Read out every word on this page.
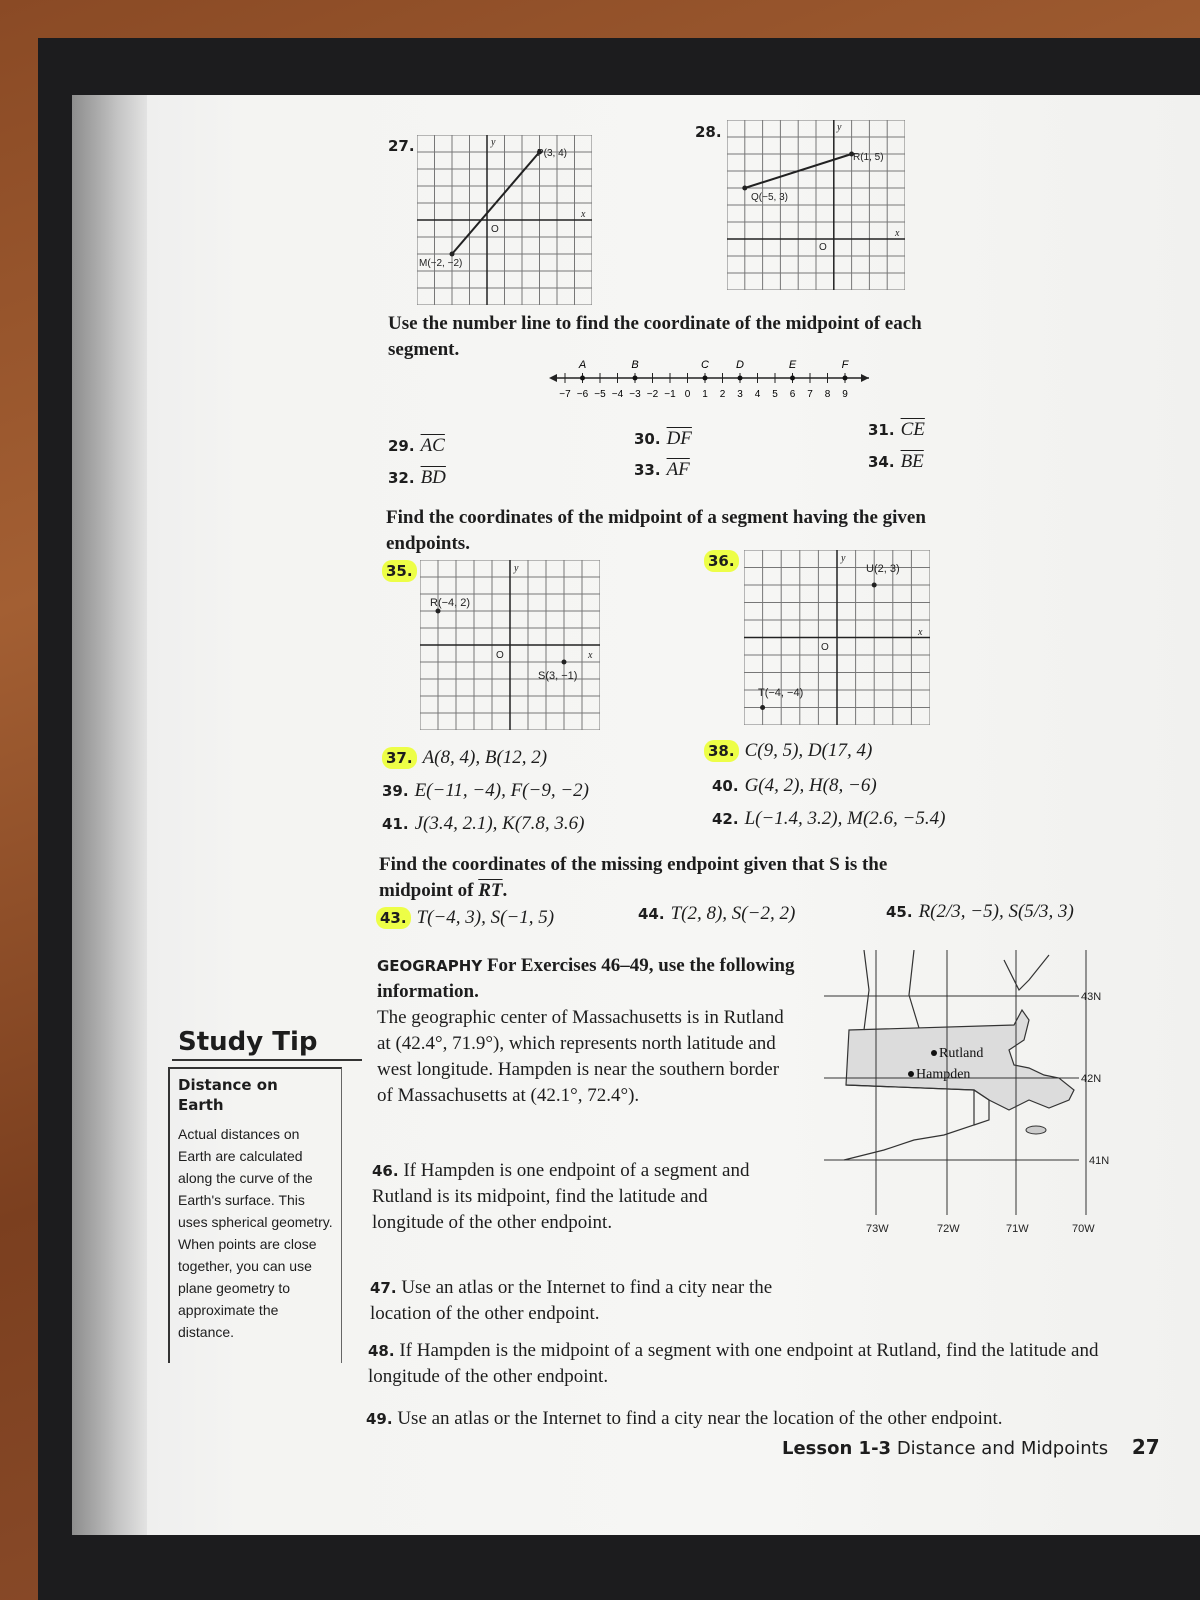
27.	P(3, 4)
M(−2, −2)
O
x
y
28.
R(1, 5)
Q(−5, 3)
O
x
y
Use the number line to find the coordinate of the midpoint of each segment.
−7 −6 −5 −4 −3 −2 −1 0 1 2 3 4 5 6 7 8 9
A	B	C D	E	F
29. $\overline{AC}$	30. $\overline{DF}$	31. $\overline{CE}$
32. $\overline{BD}$	33. $\overline{AF}$	34. $\overline{BE}$
Find the coordinates of the midpoint of a segment having the given endpoints.
35.
R(−4, 2)
S(3, −1)
O	x
y	36.	U(2, 3)
T(−4, −4)
O
x
y
37. A(8, 4), B(12, 2)	38. C(9, 5), D(17, 4)
39. E(−11, −4), F(−9, −2)	40. G(4, 2), H(8, −6)
41. J(3.4, 2.1), K(7.8, 3.6)	42. L(−1.4, 3.2), M(2.6, −5.4)
Find the coordinates of the missing endpoint given that S is the
midpoint of $\overline{RT}$.
43. T(−4, 3), S(−1, 5)	44. T(2, 8), S(−2, 2)	45. R(2/3, −5), S(5/3, 3)
GEOGRAPHY For Exercises 46–49, use the following information.
The geographic center of Massachusetts is in Rutland at (42.4°, 71.9°), which represents north latitude and west longitude. Hampden is near the southern border of Massachusetts at (42.1°, 72.4°).
43N
42N
41N
73W	72W	71W	70W
Rutland
Hampden
46. If Hampden is one endpoint of a segment and Rutland is its midpoint, find the latitude and longitude of the other endpoint.
47. Use an atlas or the Internet to find a city near the location of the other endpoint.
48. If Hampden is the midpoint of a segment with one endpoint at Rutland, find the latitude and longitude of the other endpoint.
49. Use an atlas or the Internet to find a city near the location of the other endpoint.
Study Tip
Distance on Earth
Actual distances on Earth are calculated along the curve of the Earth's surface. This uses spherical geometry. When points are close together, you can use plane geometry to approximate the distance.
Lesson 1-3 Distance and Midpoints 27
